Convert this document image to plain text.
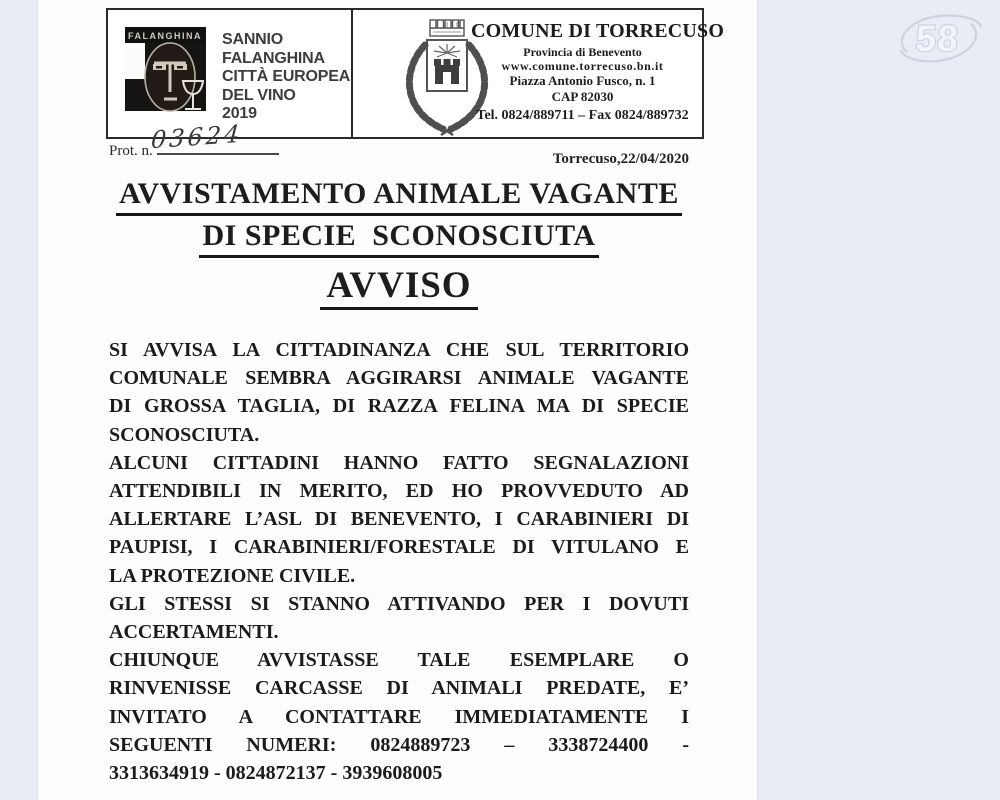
FALANGHINA SANNIO
FALANGHINA
CITTÀ EUROPEA
DEL VINO
2019
COMUNE DI TORRECUSO
Provincia di Benevento
www.comune.torrecuso.bn.it
Piazza Antonio Fusco, n. 1
CAP 82030
Tel. 0824/889711 – Fax 0824/889732
Prot. n.
03624
Torrecuso,22/04/2020
AVVISTAMENTO ANIMALE VAGANTE
DI SPECIE  SCONOSCIUTA
AVVISO
SI AVVISA LA CITTADINANZA CHE SUL TERRITORIO
COMUNALE SEMBRA AGGIRARSI ANIMALE VAGANTE
DI GROSSA TAGLIA, DI RAZZA FELINA MA DI SPECIE
SCONOSCIUTA.
ALCUNI CITTADINI HANNO FATTO SEGNALAZIONI
ATTENDIBILI IN MERITO, ED HO PROVVEDUTO AD
ALLERTARE L’ASL DI BENEVENTO, I CARABINIERI DI
PAUPISI, I CARABINIERI/FORESTALE DI VITULANO E
LA PROTEZIONE CIVILE.
GLI STESSI SI STANNO ATTIVANDO PER I DOVUTI
ACCERTAMENTI.
CHIUNQUE AVVISTASSE TALE ESEMPLARE O
RINVENISSE CARCASSE DI ANIMALI PREDATE, E’
INVITATO A CONTATTARE IMMEDIATAMENTE I
SEGUENTI NUMERI: 0824889723 – 3338724400 -
3313634919 - 0824872137 - 3939608005
58
